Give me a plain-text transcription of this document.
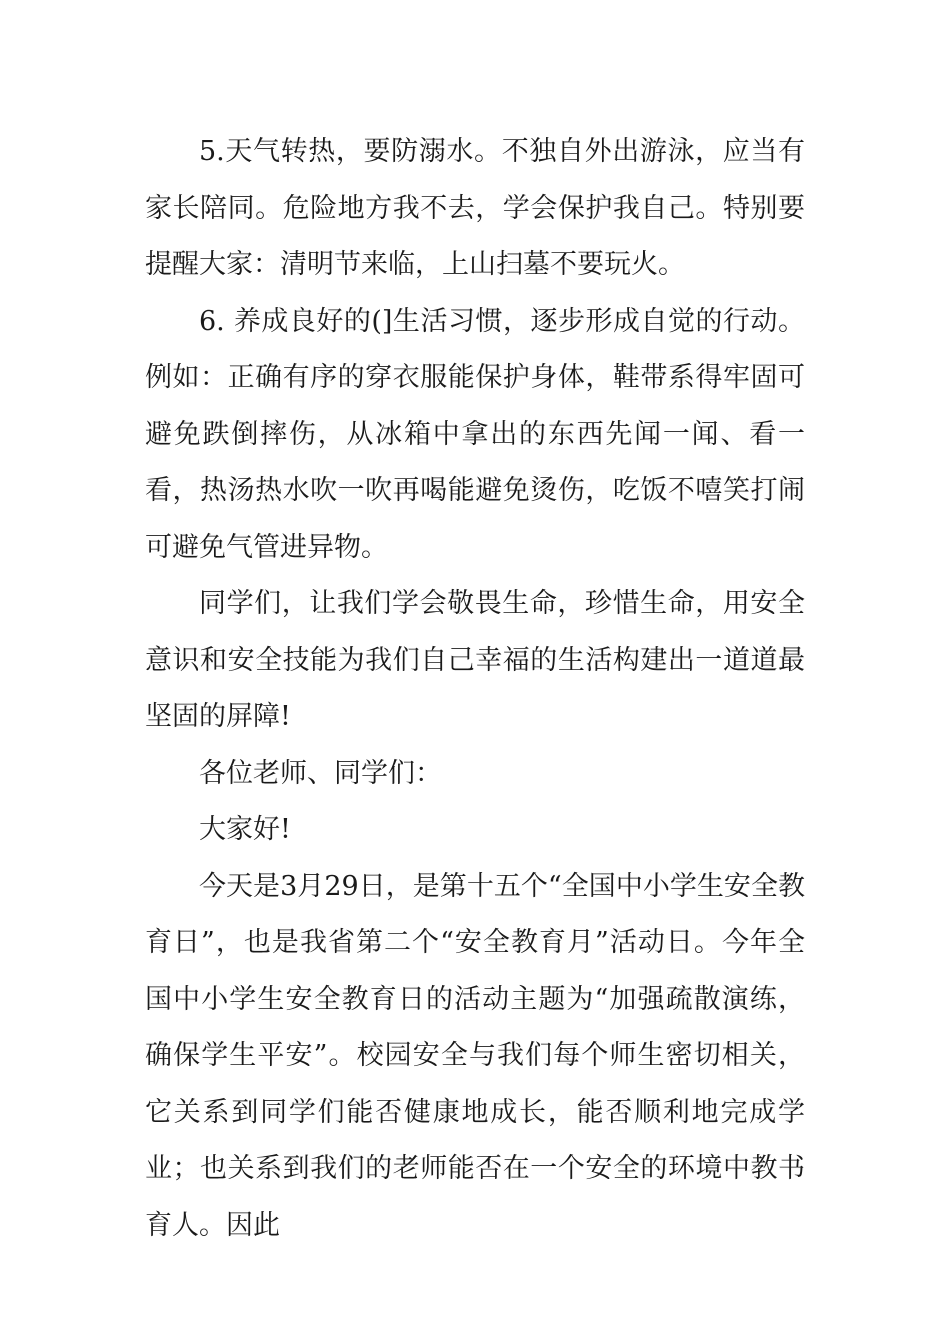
5.天气转热，要防溺水。不独自外出游泳，应当有家长陪同。危险地方我不去，学会保护我自己。特别要提醒大家：清明节来临，上山扫墓不要玩火。

6. 养成良好的(]生活习惯，逐步形成自觉的行动。例如：正确有序的穿衣服能保护身体，鞋带系得牢固可避免跌倒摔伤，从冰箱中拿出的东西先闻一闻、看一看，热汤热水吹一吹再喝能避免烫伤，吃饭不嘻笑打闹可避免气管进异物。

同学们，让我们学会敬畏生命，珍惜生命，用安全意识和安全技能为我们自己幸福的生活构建出一道道最坚固的屏障!

各位老师、同学们：

大家好!

今天是3月29日，是第十五个“全国中小学生安全教育日”，也是我省第二个“安全教育月”活动日。今年全国中小学生安全教育日的活动主题为“加强疏散演练，确保学生平安”。校园安全与我们每个师生密切相关，它关系到同学们能否健康地成长，能否顺利地完成学业；也关系到我们的老师能否在一个安全的环境中教书育人。因此
